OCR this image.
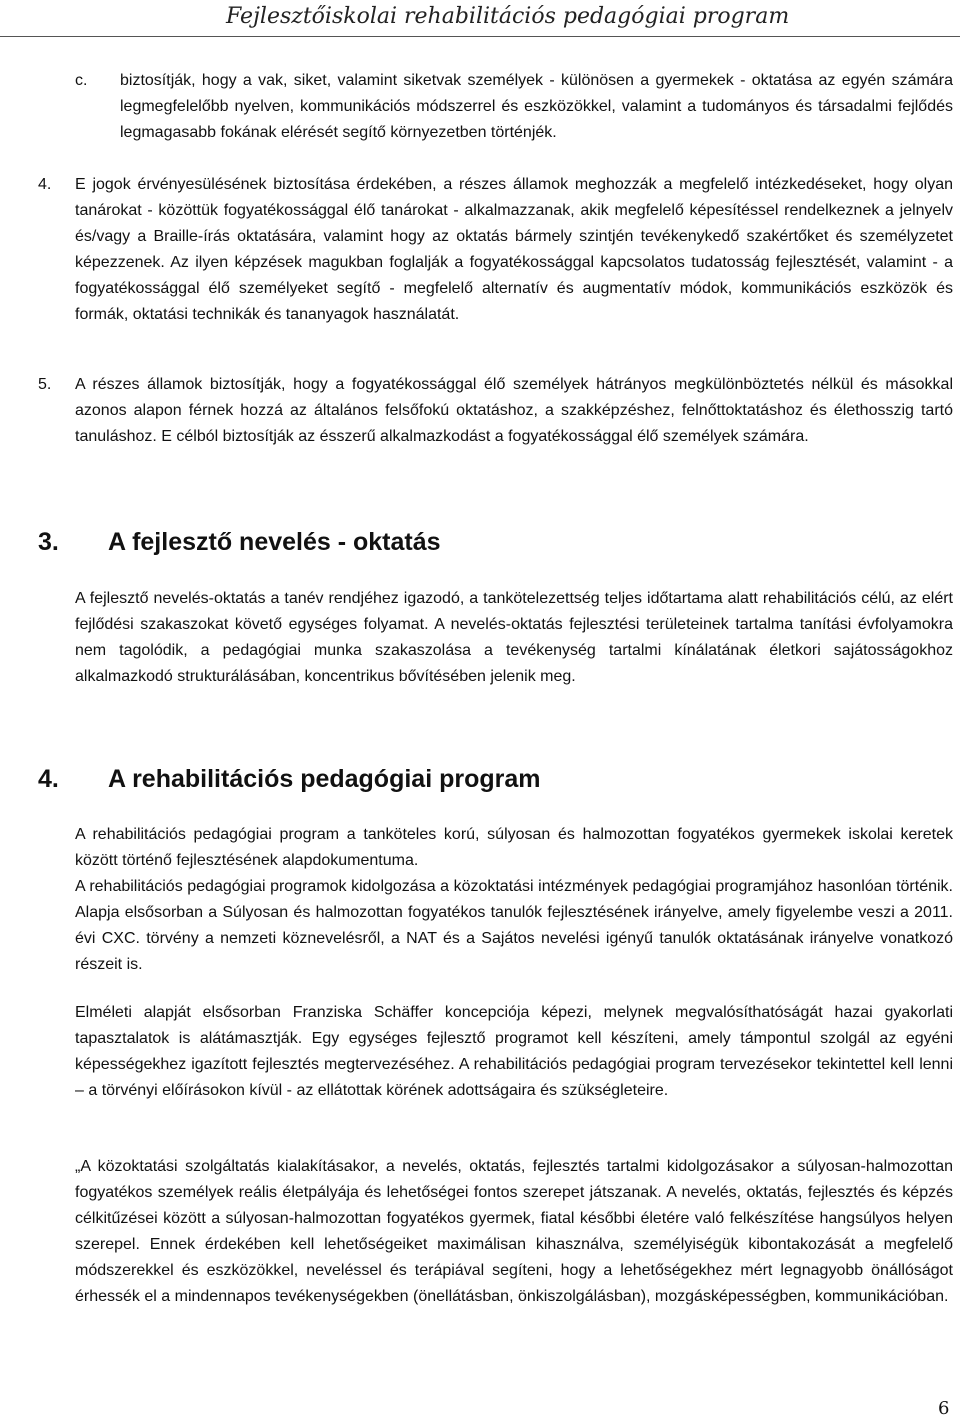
Fejlesztőiskolai rehabilitációs pedagógiai program
c. biztosítják, hogy a vak, siket, valamint siketvak személyek - különösen a gyermekek - oktatása az egyén számára legmegfelelőbb nyelven, kommunikációs módszerrel és eszközökkel, valamint a tudományos és társadalmi fejlődés legmagasabb fokának elérését segítő környezetben történjék.
4. E jogok érvényesülésének biztosítása érdekében, a részes államok meghozzák a megfelelő intézkedéseket, hogy olyan tanárokat - közöttük fogyatékossággal élő tanárokat - alkalmazzanak, akik megfelelő képesítéssel rendelkeznek a jelnyelv és/vagy a Braille-írás oktatására, valamint hogy az oktatás bármely szintjén tevékenykedő szakértőket és személyzetet képezzenek. Az ilyen képzések magukban foglalják a fogyatékossággal kapcsolatos tudatosság fejlesztését, valamint - a fogyatékossággal élő személyeket segítő - megfelelő alternatív és augmentatív módok, kommunikációs eszközök és formák, oktatási technikák és tananyagok használatát.
5. A részes államok biztosítják, hogy a fogyatékossággal élő személyek hátrányos megkülönböztetés nélkül és másokkal azonos alapon férnek hozzá az általános felsőfokú oktatáshoz, a szakképzéshez, felnőttoktatáshoz és élethosszig tartó tanuláshoz. E célból biztosítják az ésszerű alkalmazkodást a fogyatékossággal élő személyek számára.
3. A fejlesztő nevelés - oktatás

A fejlesztő nevelés-oktatás a tanév rendjéhez igazodó, a tankötelezettség teljes időtartama alatt rehabilitációs célú, az elért fejlődési szakaszokat követő egységes folyamat. A nevelés-oktatás fejlesztési területeinek tartalma tanítási évfolyamokra nem tagolódik, a pedagógiai munka szakaszolása a tevékenység tartalmi kínálatának életkori sajátosságokhoz alkalmazkodó strukturálásában, koncentrikus bővítésében jelenik meg.

4. A rehabilitációs pedagógiai program

A rehabilitációs pedagógiai program a tanköteles korú, súlyosan és halmozottan fogyatékos gyermekek iskolai keretek között történő fejlesztésének alapdokumentuma.

A rehabilitációs pedagógiai programok kidolgozása a közoktatási intézmények pedagógiai programjához hasonlóan történik. Alapja elsősorban a Súlyosan és halmozottan fogyatékos tanulók fejlesztésének irányelve, amely figyelembe veszi a 2011. évi CXC. törvény a nemzeti köznevelésről, a NAT és a Sajátos nevelési igényű tanulók oktatásának irányelve vonatkozó részeit is.

Elméleti alapját elsősorban Franziska Schäffer koncepciója képezi, melynek megvalósíthatóságát hazai gyakorlati tapasztalatok is alátámasztják. Egy egységes fejlesztő programot kell készíteni, amely támpontul szolgál az egyéni képességekhez igazított fejlesztés megtervezéséhez. A rehabilitációs pedagógiai program tervezésekor tekintettel kell lenni – a törvényi előírásokon kívül - az ellátottak körének adottságaira és szükségleteire.

„A közoktatási szolgáltatás kialakításakor, a nevelés, oktatás, fejlesztés tartalmi kidolgozásakor a súlyosan-halmozottan fogyatékos személyek reális életpályája és lehetőségei fontos szerepet játszanak. A nevelés, oktatás, fejlesztés és képzés célkitűzései között a súlyosan-halmozottan fogyatékos gyermek, fiatal későbbi életére való felkészítése hangsúlyos helyen szerepel. Ennek érdekében kell lehetőségeiket maximálisan kihasználva, személyiségük kibontakozását a megfelelő módszerekkel és eszközökkel, neveléssel és terápiával segíteni, hogy a lehetőségekhez mért legnagyobb önállóságot érhessék el a mindennapos tevékenységekben (önellátásban, önkiszolgálásban), mozgásképességben, kommunikációban.

6
